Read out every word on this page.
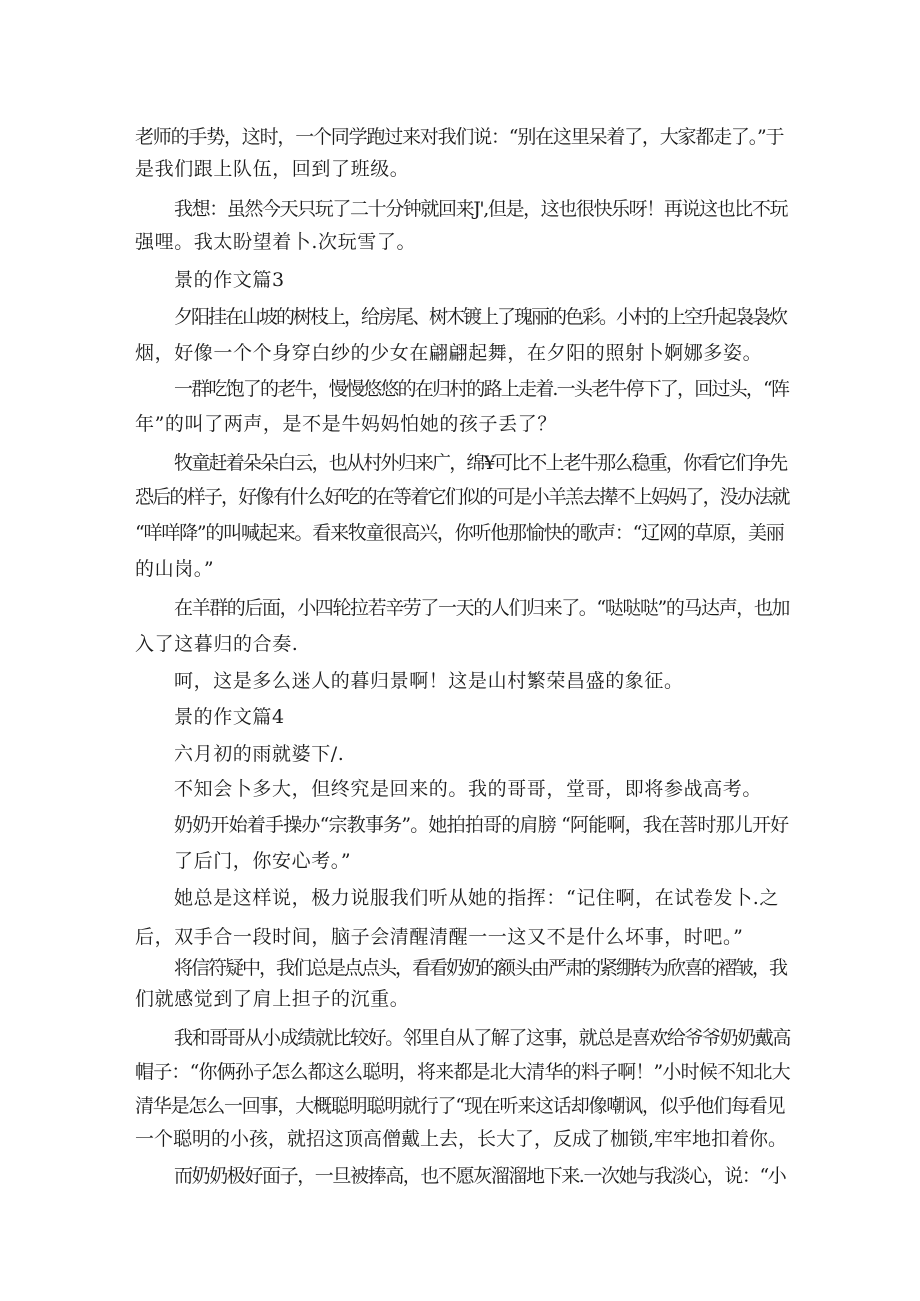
老师的手势，这时，一个同学跑过来对我们说：“别在这里呆着了，大家都走了。”于

是我们跟上队伍，回到了班级。

我想：虽然今天只玩了二十分钟就回来J',但是，这也很快乐呀！再说这也比不玩

强哩。我太盼望着卜.次玩雪了。

景的作文篇3

夕阳挂在山坡的树枝上，给房尾、树木镀上了瑰丽的色彩。小村的上空升起袅袅炊

烟，好像一个个身穿白纱的少女在翩翩起舞，在夕阳的照射卜婀娜多姿。

一群吃饱了的老牛，慢慢悠悠的在归村的路上走着.一头老牛停下了，回过头，“阵

年”的叫了两声，是不是牛妈妈怕她的孩子丢了？

牧童赶着朵朵白云，也从村外归来广，绵¥可比不上老牛那么稳重，你看它们争先

恐后的样子，好像有什么好吃的在等着它们似的可是小羊羔去撵不上妈妈了，没办法就

“咩咩降”的叫喊起来。看来牧童很高兴，你听他那愉快的歌声：“辽网的草原，美丽

的山岗。”

在羊群的后面，小四轮拉若辛劳了一天的人们归来了。“哒哒哒”的马达声，也加

入了这暮归的合奏.

呵，这是多么迷人的暮归景啊！这是山村繁荣昌盛的象征。

景的作文篇4

六月初的雨就婆下/.

不知会卜多大，但终究是回来的。我的哥哥，堂哥，即将参战高考。

奶奶开始着手操办“宗教事务”。她拍拍哥的肩膀 “阿能啊，我在菩时那儿开好

了后门，你安心考。”

她总是这样说，极力说服我们听从她的指挥：“记住啊，在试卷发卜.之

后，双手合一段时间，脑子会清醒清醒一一这又不是什么坏事，时吧。”

将信符疑中，我们总是点点头，看看奶奶的额头由严肃的紧绷转为欣喜的褶皱，我

们就感觉到了肩上担子的沉重。

我和哥哥从小成绩就比较好。邻里自从了解了这事，就总是喜欢给爷爷奶奶戴高

帽子：“你俩孙子怎么都这么聪明，将来都是北大清华的料子啊！”小时候不知北大

清华是怎么一回事，大概聪明聪明就行了“现在听来这话却像嘲讽，似乎他们每看见

一个聪明的小孩，就招这顶高僧戴上去，长大了，反成了枷锁,牢牢地扣着你。

而奶奶极好面子，一旦被捧高，也不愿灰溜溜地下来.一次她与我淡心，说：“小
